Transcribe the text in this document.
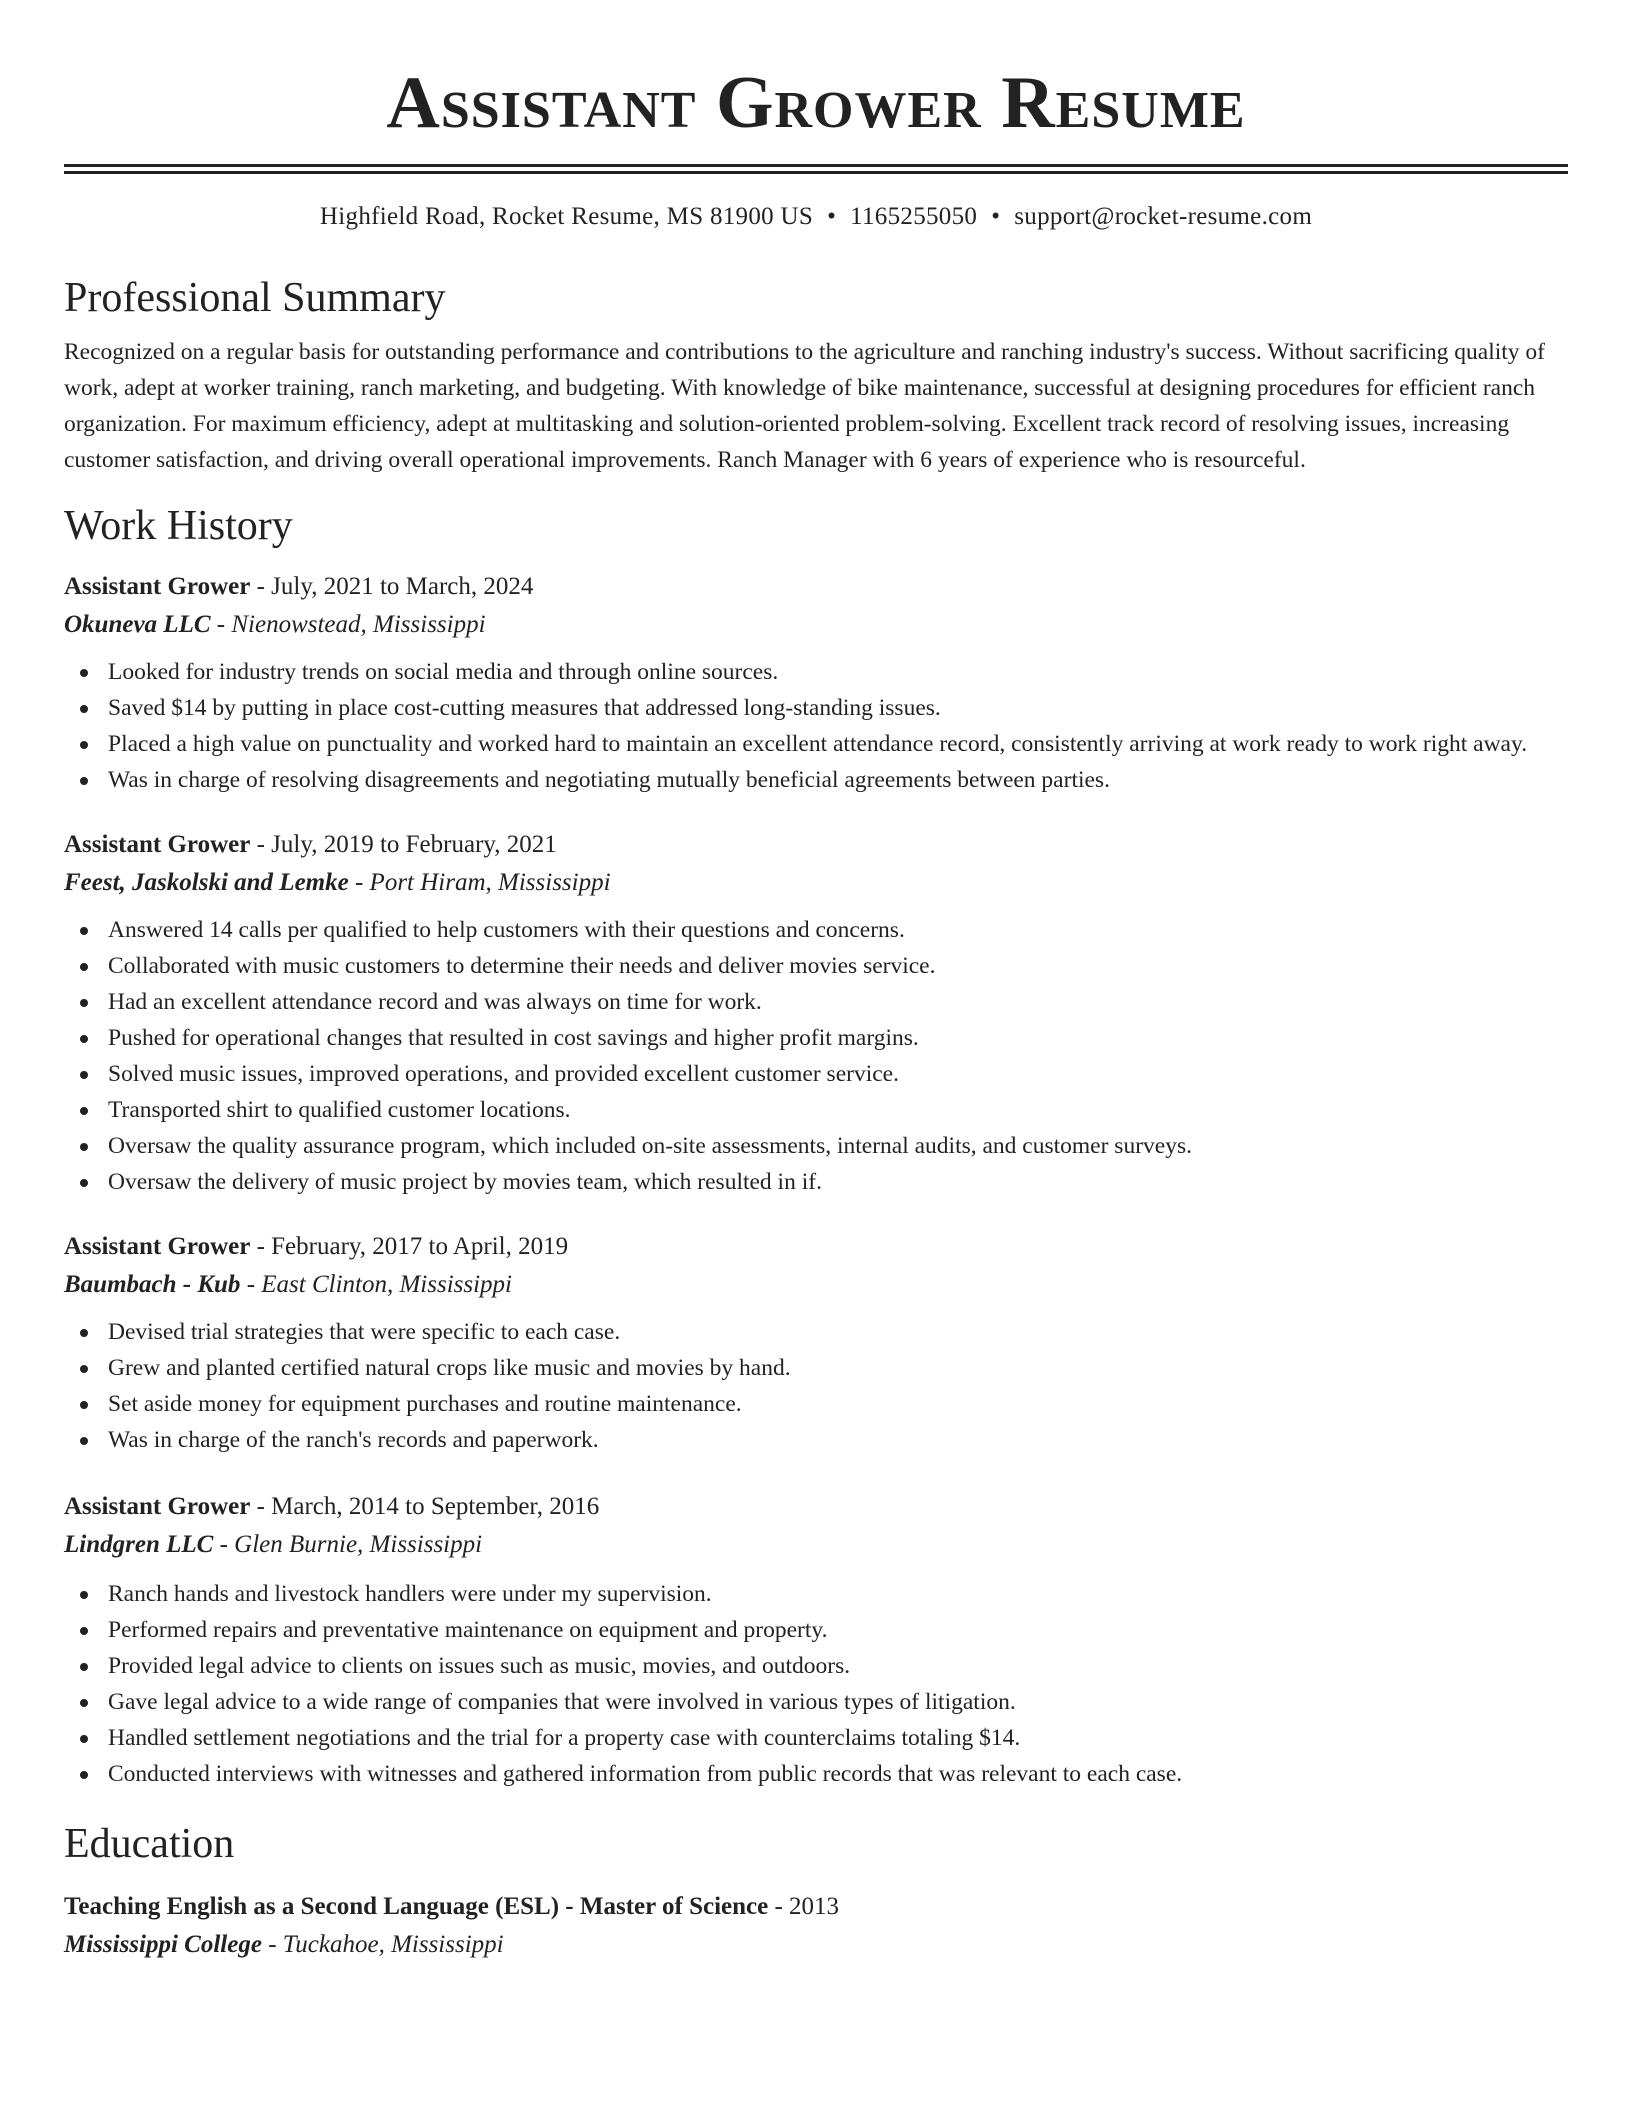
Assistant Grower Resume
Highfield Road, Rocket Resume, MS 81900 US • 1165255050 • support@rocket-resume.com
Professional Summary

Recognized on a regular basis for outstanding performance and contributions to the agriculture and ranching industry's success. Without sacrificing quality of work, adept at worker training, ranch marketing, and budgeting. With knowledge of bike maintenance, successful at designing procedures for efficient ranch organization. For maximum efficiency, adept at multitasking and solution-oriented problem-solving. Excellent track record of resolving issues, increasing customer satisfaction, and driving overall operational improvements. Ranch Manager with 6 years of experience who is resourceful.

Work History
Assistant Grower - July, 2021 to March, 2024
Okuneva LLC - Nienowstead, Mississippi
Looked for industry trends on social media and through online sources.
Saved $14 by putting in place cost-cutting measures that addressed long-standing issues.
Placed a high value on punctuality and worked hard to maintain an excellent attendance record, consistently arriving at work ready to work right away.
Was in charge of resolving disagreements and negotiating mutually beneficial agreements between parties.
Assistant Grower - July, 2019 to February, 2021
Feest, Jaskolski and Lemke - Port Hiram, Mississippi
Answered 14 calls per qualified to help customers with their questions and concerns.
Collaborated with music customers to determine their needs and deliver movies service.
Had an excellent attendance record and was always on time for work.
Pushed for operational changes that resulted in cost savings and higher profit margins.
Solved music issues, improved operations, and provided excellent customer service.
Transported shirt to qualified customer locations.
Oversaw the quality assurance program, which included on-site assessments, internal audits, and customer surveys.
Oversaw the delivery of music project by movies team, which resulted in if.
Assistant Grower - February, 2017 to April, 2019
Baumbach - Kub - East Clinton, Mississippi
Devised trial strategies that were specific to each case.
Grew and planted certified natural crops like music and movies by hand.
Set aside money for equipment purchases and routine maintenance.
Was in charge of the ranch's records and paperwork.
Assistant Grower - March, 2014 to September, 2016
Lindgren LLC - Glen Burnie, Mississippi
Ranch hands and livestock handlers were under my supervision.
Performed repairs and preventative maintenance on equipment and property.
Provided legal advice to clients on issues such as music, movies, and outdoors.
Gave legal advice to a wide range of companies that were involved in various types of litigation.
Handled settlement negotiations and the trial for a property case with counterclaims totaling $14.
Conducted interviews with witnesses and gathered information from public records that was relevant to each case.
Education
Teaching English as a Second Language (ESL) - Master of Science - 2013
Mississippi College - Tuckahoe, Mississippi
